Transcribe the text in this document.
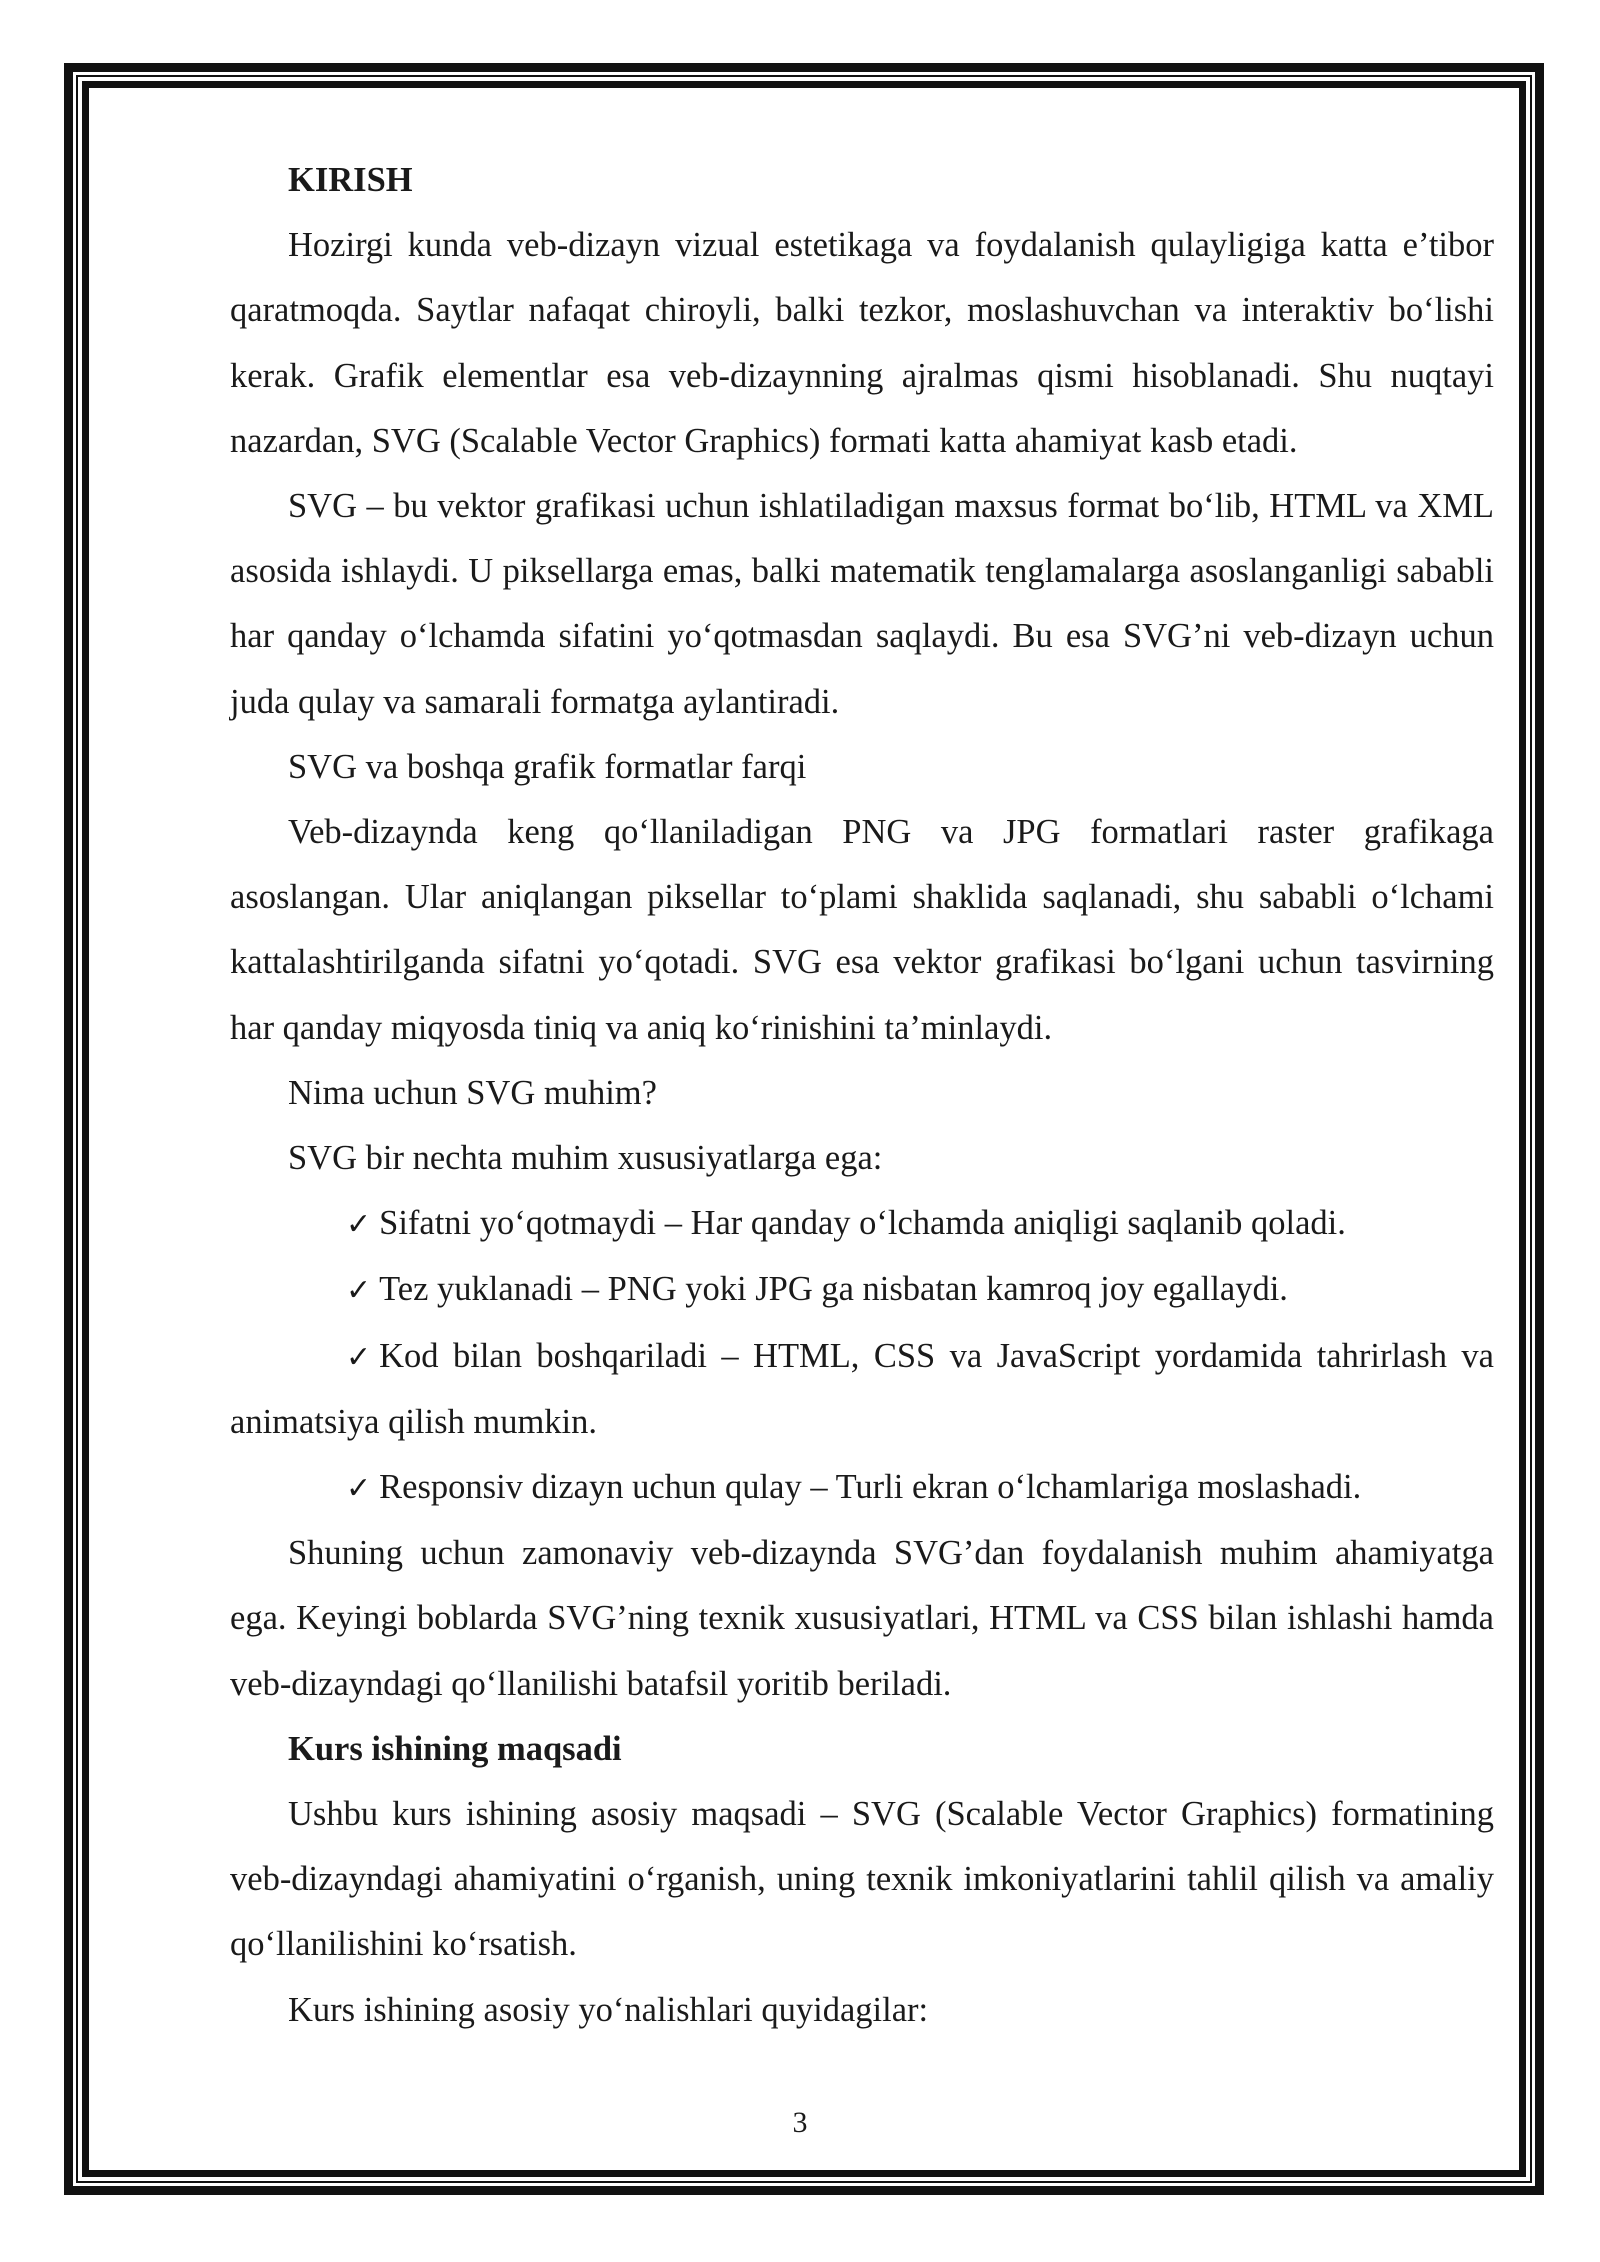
KIRISH

Hozirgi kunda veb-dizayn vizual estetikaga va foydalanish qulayligiga katta e’tibor qaratmoqda. Saytlar nafaqat chiroyli, balki tezkor, moslashuvchan va interaktiv bo‘lishi kerak. Grafik elementlar esa veb-dizaynning ajralmas qismi hisoblanadi. Shu nuqtayi nazardan, SVG (Scalable Vector Graphics) formati katta ahamiyat kasb etadi.

SVG – bu vektor grafikasi uchun ishlatiladigan maxsus format bo‘lib, HTML va XML asosida ishlaydi. U piksellarga emas, balki matematik tenglamalarga asoslanganligi sababli har qanday o‘lchamda sifatini yo‘qotmasdan saqlaydi. Bu esa SVG’ni veb-dizayn uchun juda qulay va samarali formatga aylantiradi.

SVG va boshqa grafik formatlar farqi

Veb-dizaynda keng qo‘llaniladigan PNG va JPG formatlari raster grafikaga asoslangan. Ular aniqlangan piksellar to‘plami shaklida saqlanadi, shu sababli o‘lchami kattalashtirilganda sifatni yo‘qotadi. SVG esa vektor grafikasi bo‘lgani uchun tasvirning har qanday miqyosda tiniq va aniq ko‘rinishini ta’minlaydi.

Nima uchun SVG muhim?

SVG bir nechta muhim xususiyatlarga ega:

✓ Sifatni yo‘qotmaydi – Har qanday o‘lchamda aniqligi saqlanib qoladi.

✓ Tez yuklanadi – PNG yoki JPG ga nisbatan kamroq joy egallaydi.

✓ Kod bilan boshqariladi – HTML, CSS va JavaScript yordamida tahrirlash va animatsiya qilish mumkin.

✓ Responsiv dizayn uchun qulay – Turli ekran o‘lchamlariga moslashadi.

Shuning uchun zamonaviy veb-dizaynda SVG’dan foydalanish muhim ahamiyatga ega. Keyingi boblarda SVG’ning texnik xususiyatlari, HTML va CSS bilan ishlashi hamda veb-dizayndagi qo‘llanilishi batafsil yoritib beriladi.

Kurs ishining maqsadi

Ushbu kurs ishining asosiy maqsadi – SVG (Scalable Vector Graphics) formatining veb-dizayndagi ahamiyatini o‘rganish, uning texnik imkoniyatlarini tahlil qilish va amaliy qo‘llanilishini ko‘rsatish.

Kurs ishining asosiy yo‘nalishlari quyidagilar:

3
